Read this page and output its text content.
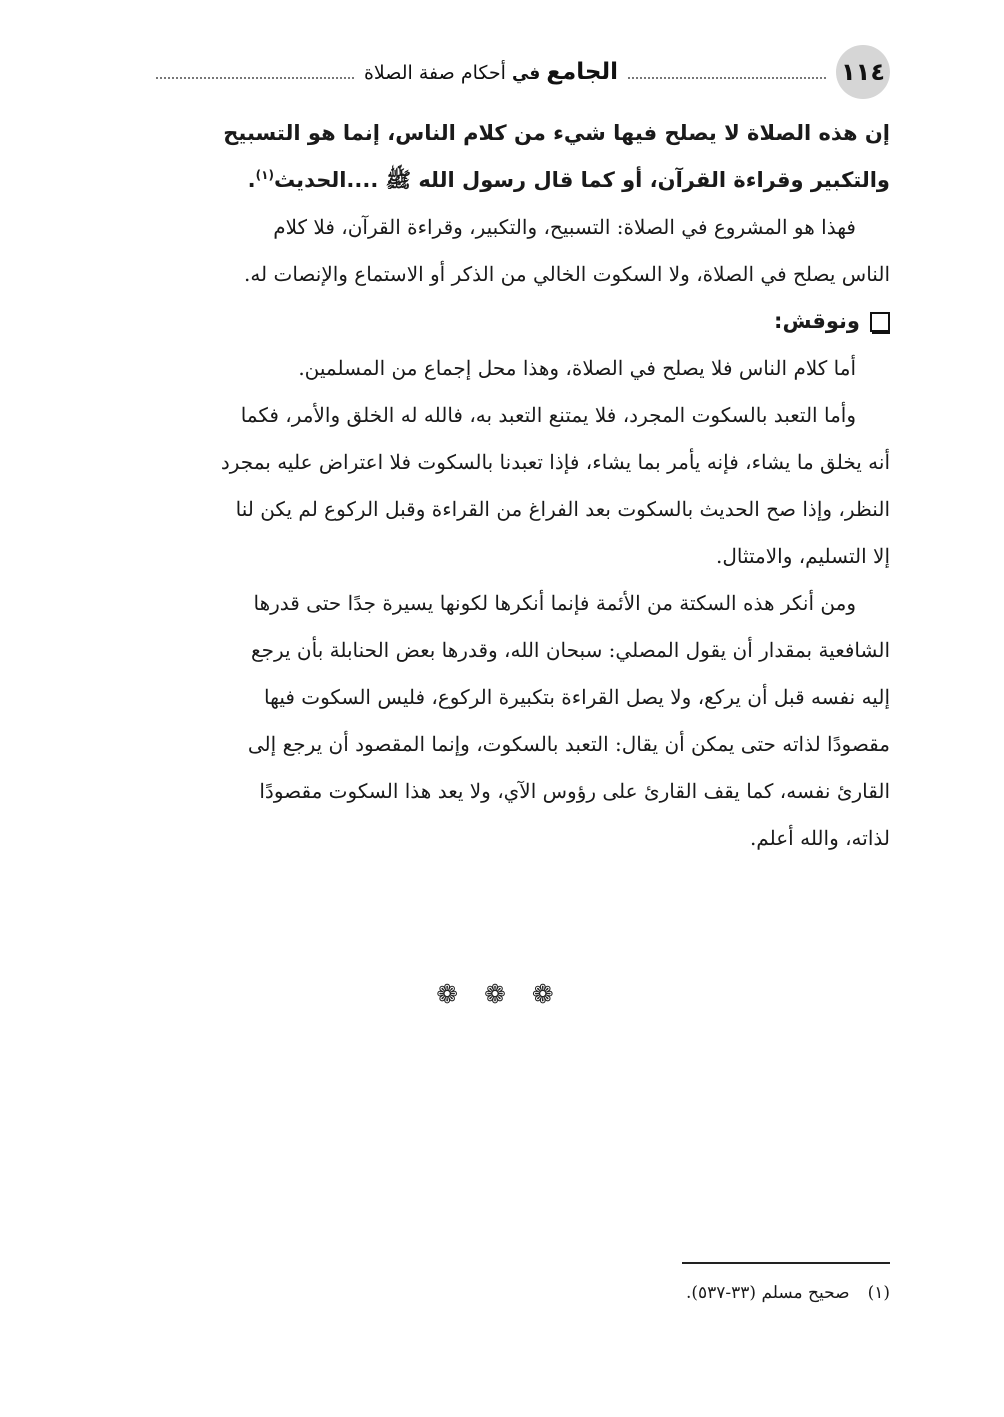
١١٤
الجامع في أحكام صفة الصلاة

إن هذه الصلاة لا يصلح فيها شيء من كلام الناس، إنما هو التسبيح

والتكبير وقراءة القرآن، أو كما قال رسول الله ﷺ ....الحديث$^{(١)}$.

فهذا هو المشروع في الصلاة: التسبيح، والتكبير، وقراءة القرآن، فلا كلام

الناس يصلح في الصلاة، ولا السكوت الخالي من الذكر أو الاستماع والإنصات له.

ونوقش:

أما كلام الناس فلا يصلح في الصلاة، وهذا محل إجماع من المسلمين.

وأما التعبد بالسكوت المجرد، فلا يمتنع التعبد به، فالله له الخلق والأمر، فكما

أنه يخلق ما يشاء، فإنه يأمر بما يشاء، فإذا تعبدنا بالسكوت فلا اعتراض عليه بمجرد

النظر، وإذا صح الحديث بالسكوت بعد الفراغ من القراءة وقبل الركوع لم يكن لنا

إلا التسليم، والامتثال.

ومن أنكر هذه السكتة من الأئمة فإنما أنكرها لكونها يسيرة جدًا حتى قدرها

الشافعية بمقدار أن يقول المصلي: سبحان الله، وقدرها بعض الحنابلة بأن يرجع

إليه نفسه قبل أن يركع، ولا يصل القراءة بتكبيرة الركوع، فليس السكوت فيها

مقصودًا لذاته حتى يمكن أن يقال: التعبد بالسكوت، وإنما المقصود أن يرجع إلى

القارئ نفسه، كما يقف القارئ على رؤوس الآي، ولا يعد هذا السكوت مقصودًا

لذاته، والله أعلم.

❁❁❁
(١)صحيح مسلم (٣٣-٥٣٧).
